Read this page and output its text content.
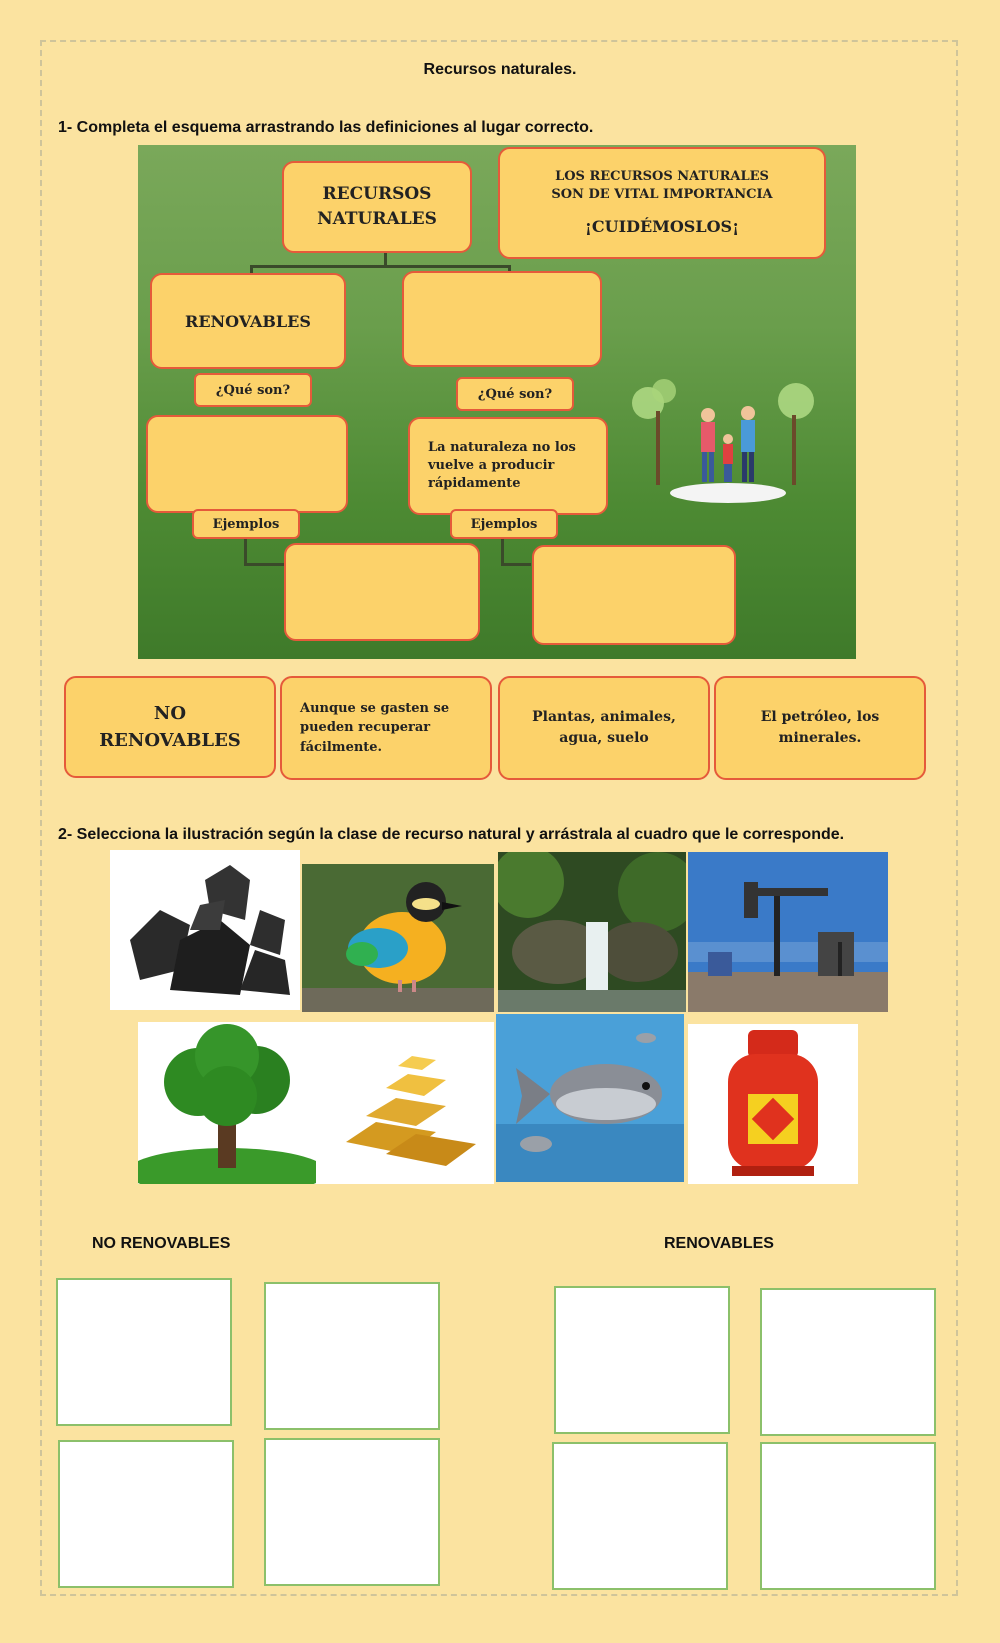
Recursos naturales.
1- Completa el esquema arrastrando las definiciones al lugar correcto.
RECURSOS NATURALES
LOS RECURSOS NATURALES
SON DE VITAL IMPORTANCIA
¡CUIDÉMOSLOS¡
RENOVABLES
¿Qué son?	¿Qué son?
La naturaleza no los vuelve a producir rápidamente
Ejemplos	Ejemplos
NO RENOVABLES
Aunque se gasten se pueden recuperar fácilmente.
Plantas, animales, agua, suelo
El petróleo, los minerales.
2- Selecciona la ilustración según la clase de recurso natural y arrástrala al cuadro que le corresponde.
NO RENOVABLES	RENOVABLES
